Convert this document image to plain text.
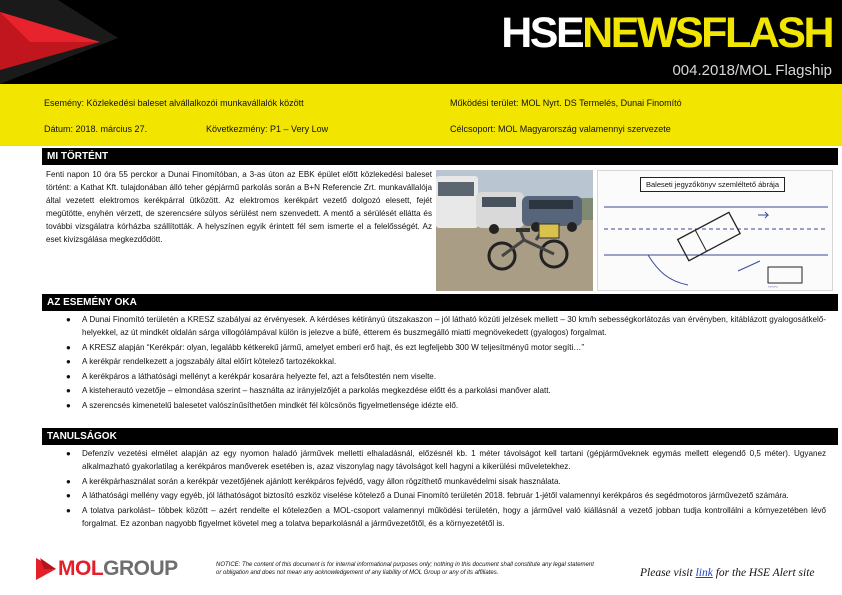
HSENEWSFLASH
004.2018/MOL Flagship
Esemény: Közlekedési baleset alvállalkozói munkavállalók között	Működési terület: MOL Nyrt. DS Termelés, Dunai Finomító
Dátum: 2018. március 27.	Következmény: P1 – Very Low	Célcsoport: MOL Magyarország valamennyi szervezete
MI TÖRTÉNT
Fenti napon 10 óra 55 perckor a Dunai Finomítóban, a 3-as úton az EBK épület előtt közlekedési baleset történt: a Kathat Kft. tulajdonában álló teher gépjármű parkolás során a B+N Referencie Zrt. munkavállalója által vezetett elektromos kerékpárral ütközött. Az elektromos kerékpárt vezető dolgozó elesett, fejét megütötte, enyhén vérzett, de szerencsére súlyos sérülést nem szenvedett. A mentő a sérülését ellátta és további vizsgálatra kórházba szállították. A helyszínen egyik érintett fél sem ismerte el a felelősségét. Az eset kivizsgálása megkezdődött.
~~~
Baleseti jegyzőkönyv szemléltető ábrája
AZ ESEMÉNY OKA
● A Dunai Finomító területén a KRESZ szabályai az érvényesek. A kérdéses kétirányú útszakaszon – jól látható közúti jelzések mellett – 30 km/h sebességkorlátozás van érvényben, kitáblázott gyalogosátkelő-helyekkel, az út mindkét oldalán sárga villogólámpával külön is jelezve a büfé, étterem és buszmegálló miatti megnövekedett (gyalogos) forgalmat.
● A KRESZ alapján “Kerékpár: olyan, legalább kétkerekű jármű, amelyet emberi erő hajt, és ezt legfeljebb 300 W teljesítményű motor segíti…”
● A kerékpár rendelkezett a jogszabály által előírt kötelező tartozékokkal.
● A kerékpáros a láthatósági mellényt a kerékpár kosarára helyezte fel, azt a felsőtestén nem viselte.
● A kisteherautó vezetője – elmondása szerint – használta az irányjelzőjét a parkolás megkezdése előtt és a parkolási manőver alatt.
● A szerencsés kimenetelű balesetet valószínűsíthetően mindkét fél kölcsönös figyelmetlensége idézte elő.
TANULSÁGOK
● Defenzív vezetési elmélet alapján az egy nyomon haladó járművek melletti elhaladásnál, előzésnél kb. 1 méter távolságot kell tartani (gépjárműveknek egymás mellett elegendő 0,5 méter). Ugyanez alkalmazható gyakorlatilag a kerékpáros manőverek esetében is, azaz viszonylag nagy távolságot kell hagyni a kikerülési műveletekhez.
● A kerékpárhasználat során a kerékpár vezetőjének ajánlott kerékpáros fejvédő, vagy állon rögzíthető munkavédelmi sisak használata.
● A láthatósági mellény vagy egyéb, jól láthatóságot biztosító eszköz viselése kötelező a Dunai Finomító területén 2018. február 1-jétől valamennyi kerékpáros és segédmotoros járművezető számára.
● A tolatva parkolást– többek között – azért rendelte el kötelezően a MOL-csoport valamennyi működési területén, hogy a járművel való kiállásnál a vezető jobban tudja kontrollálni a környezetében lévő forgalmat. Ez azonban nagyobb figyelmet követel meg a tolatva beparkolásnál a járművezetőtől, és a környezetétől is.
MOLGROUP	NOTICE: The content of this document is for internal informational purposes only; nothing in this document shall constitute any legal statement or obligation and does not mean any acknowledgement of any liability of MOL Group or any of its affiliates.	Please visit link for the HSE Alert site
